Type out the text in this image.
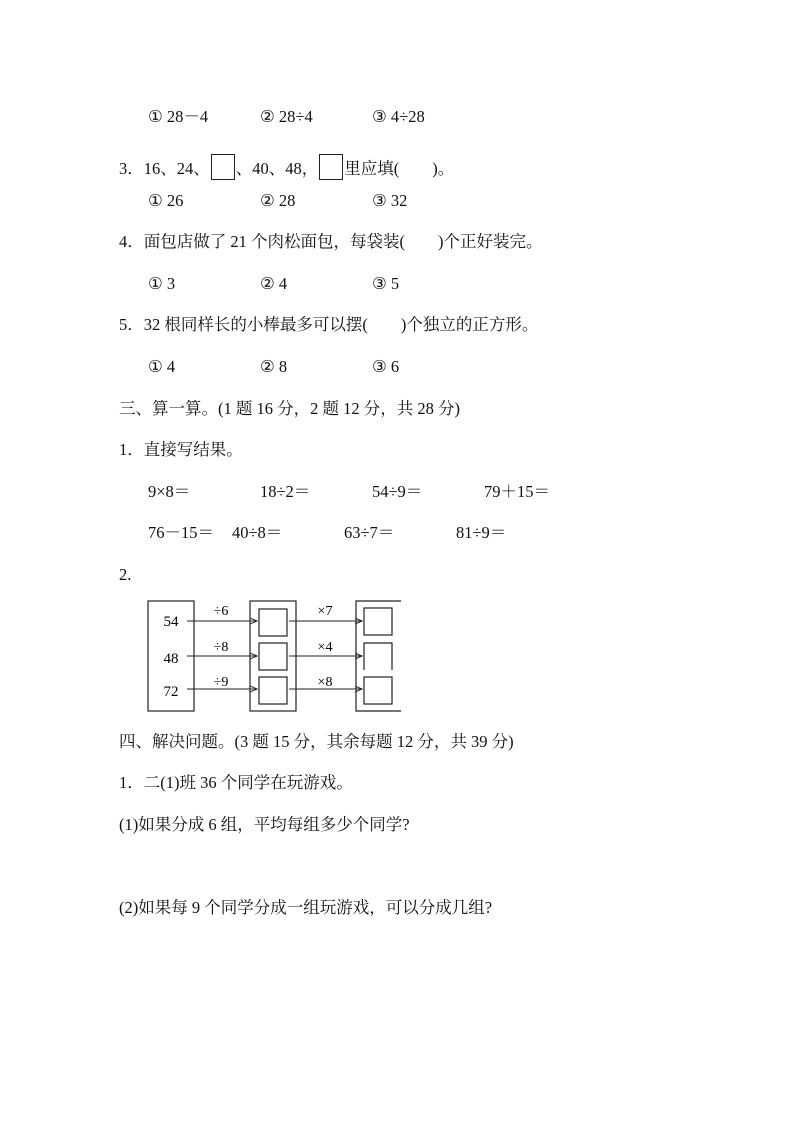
① 28－4	② 28÷4	③ 4÷28
3．16、24、 、40、48， 里应填(　　)。
① 26	② 28	③ 32
4．面包店做了 21 个肉松面包，每袋装(　　)个正好装完。
① 3	② 4	③ 5
5．32 根同样长的小棒最多可以摆(　　)个独立的正方形。
① 4	② 8	③ 6
三、算一算。(1 题 16 分，2 题 12 分，共 28 分)
1．直接写结果。
9×8＝	18÷2＝	54÷9＝	79＋15＝
76－15＝ 40÷8＝	63÷7＝	81÷9＝
2.
54
48
72
÷6
÷8
÷9
×7
×4
×8
四、解决问题。(3 题 15 分，其余每题 12 分，共 39 分)
1．二(1)班 36 个同学在玩游戏。
(1)如果分成 6 组，平均每组多少个同学?
(2)如果每 9 个同学分成一组玩游戏，可以分成几组?
